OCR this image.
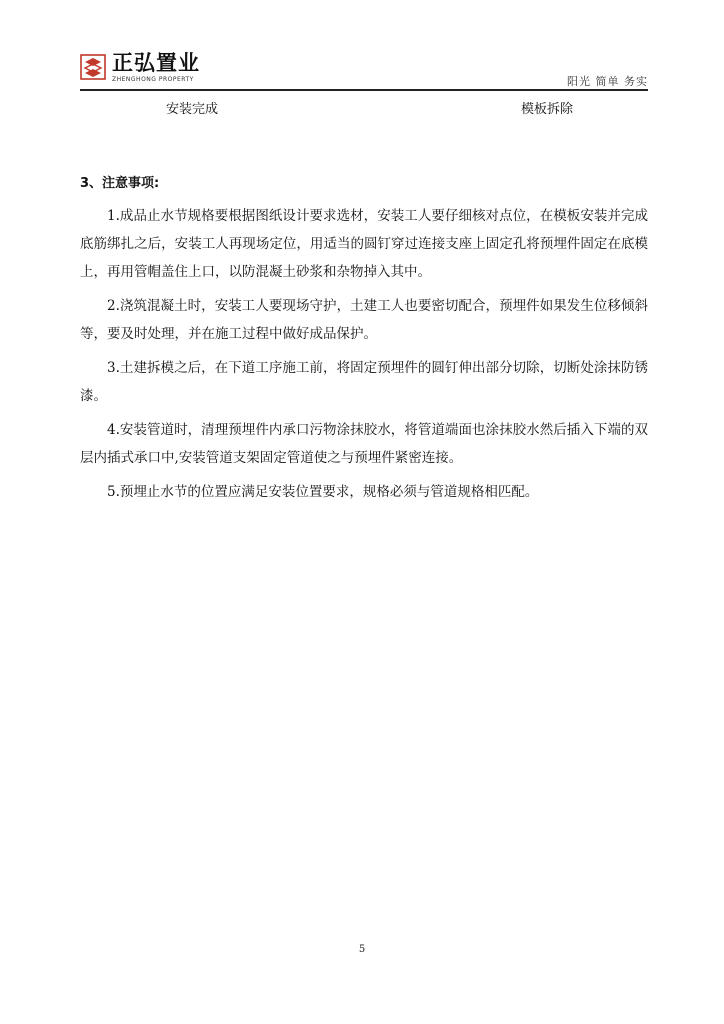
正弘置业
ZHENGHONG PROPERTY	阳光 简单 务实
安装完成	模板拆除
3、注意事项:

1.成品止水节规格要根据图纸设计要求选材，安装工人要仔细核对点位，在模板安装并完成底筋绑扎之后，安装工人再现场定位，用适当的圆钉穿过连接支座上固定孔将预埋件固定在底模上，再用管帽盖住上口，以防混凝土砂浆和杂物掉入其中。

2.浇筑混凝土时，安装工人要现场守护，土建工人也要密切配合，预埋件如果发生位移倾斜等，要及时处理，并在施工过程中做好成品保护。

3.土建拆模之后，在下道工序施工前，将固定预埋件的圆钉伸出部分切除，切断处涂抹防锈漆。

4.安装管道时，清理预埋件内承口污物涂抹胶水，将管道端面也涂抹胶水然后插入下端的双层内插式承口中,安装管道支架固定管道使之与预埋件紧密连接。

5.预埋止水节的位置应满足安装位置要求，规格必须与管道规格相匹配。

5
